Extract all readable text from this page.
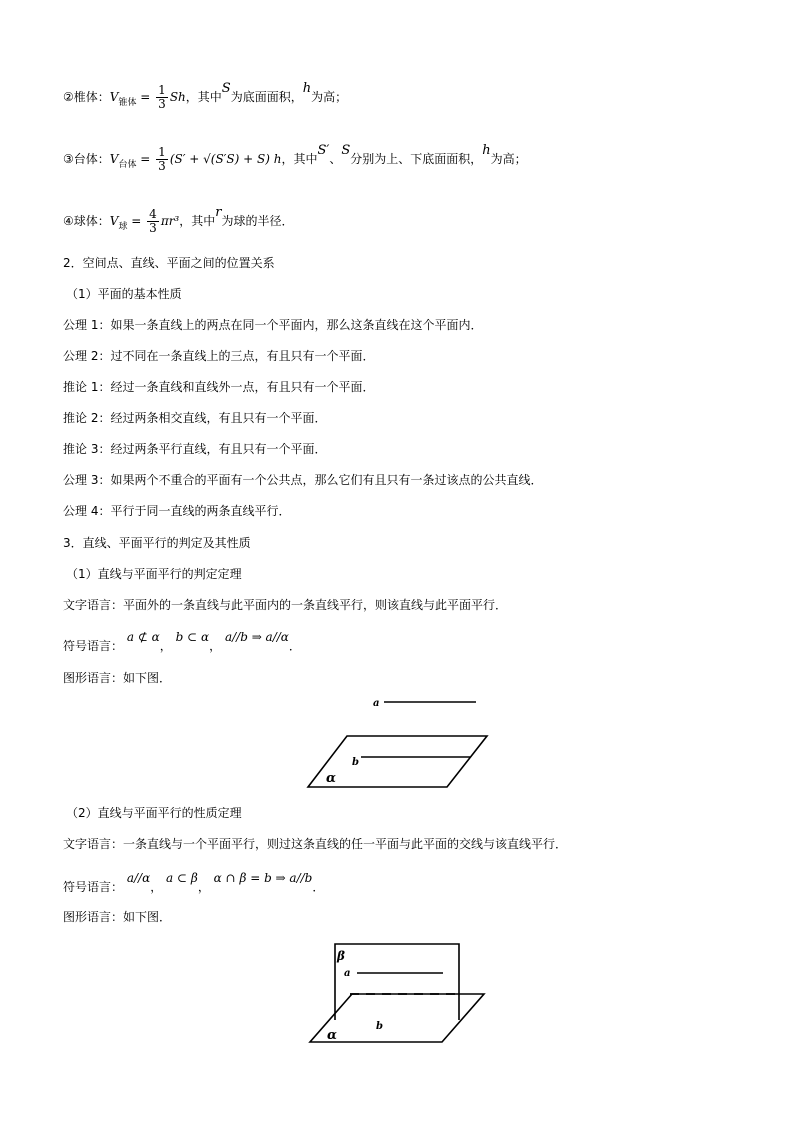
②椎体：$V_{锥体} = \frac{1}{3}$ Sh，其中S为底面面积，h为高；
③台体：$V_{台体} = \frac{1}{3} (S' + √(S'S) + S)$ h，其中S′、S分别为上、下底面面积，h为高；
④球体：$V_球 = \frac{4}{3} \pi r^3$，其中r为球的半径．
2．空间点、直线、平面之间的位置关系
（1）平面的基本性质
公理 1：如果一条直线上的两点在同一个平面内，那么这条直线在这个平面内．
公理 2：过不同在一条直线上的三点，有且只有一个平面．
推论 1：经过一条直线和直线外一点，有且只有一个平面．
推论 2：经过两条相交直线，有且只有一个平面．
推论 3：经过两条平行直线，有且只有一个平面．
公理 3：如果两个不重合的平面有一个公共点，那么它们有且只有一条过该点的公共直线．
公理 4：平行于同一直线的两条直线平行．
3．直线、平面平行的判定及其性质
（1）直线与平面平行的判定定理
文字语言：平面外的一条直线与此平面内的一条直线平行，则该直线与此平面平行．
符号语言： a ⊄ α， b ⊂ α， a//b ⇒ a//α．
图形语言：如下图．
a
b
α
（2）直线与平面平行的性质定理
文字语言：一条直线与一个平面平行，则过这条直线的任一平面与此平面的交线与该直线平行．
符号语言： a//α， a ⊂ β， α ∩ β = b ⇒ a//b．
图形语言：如下图．
β
a
b
α
